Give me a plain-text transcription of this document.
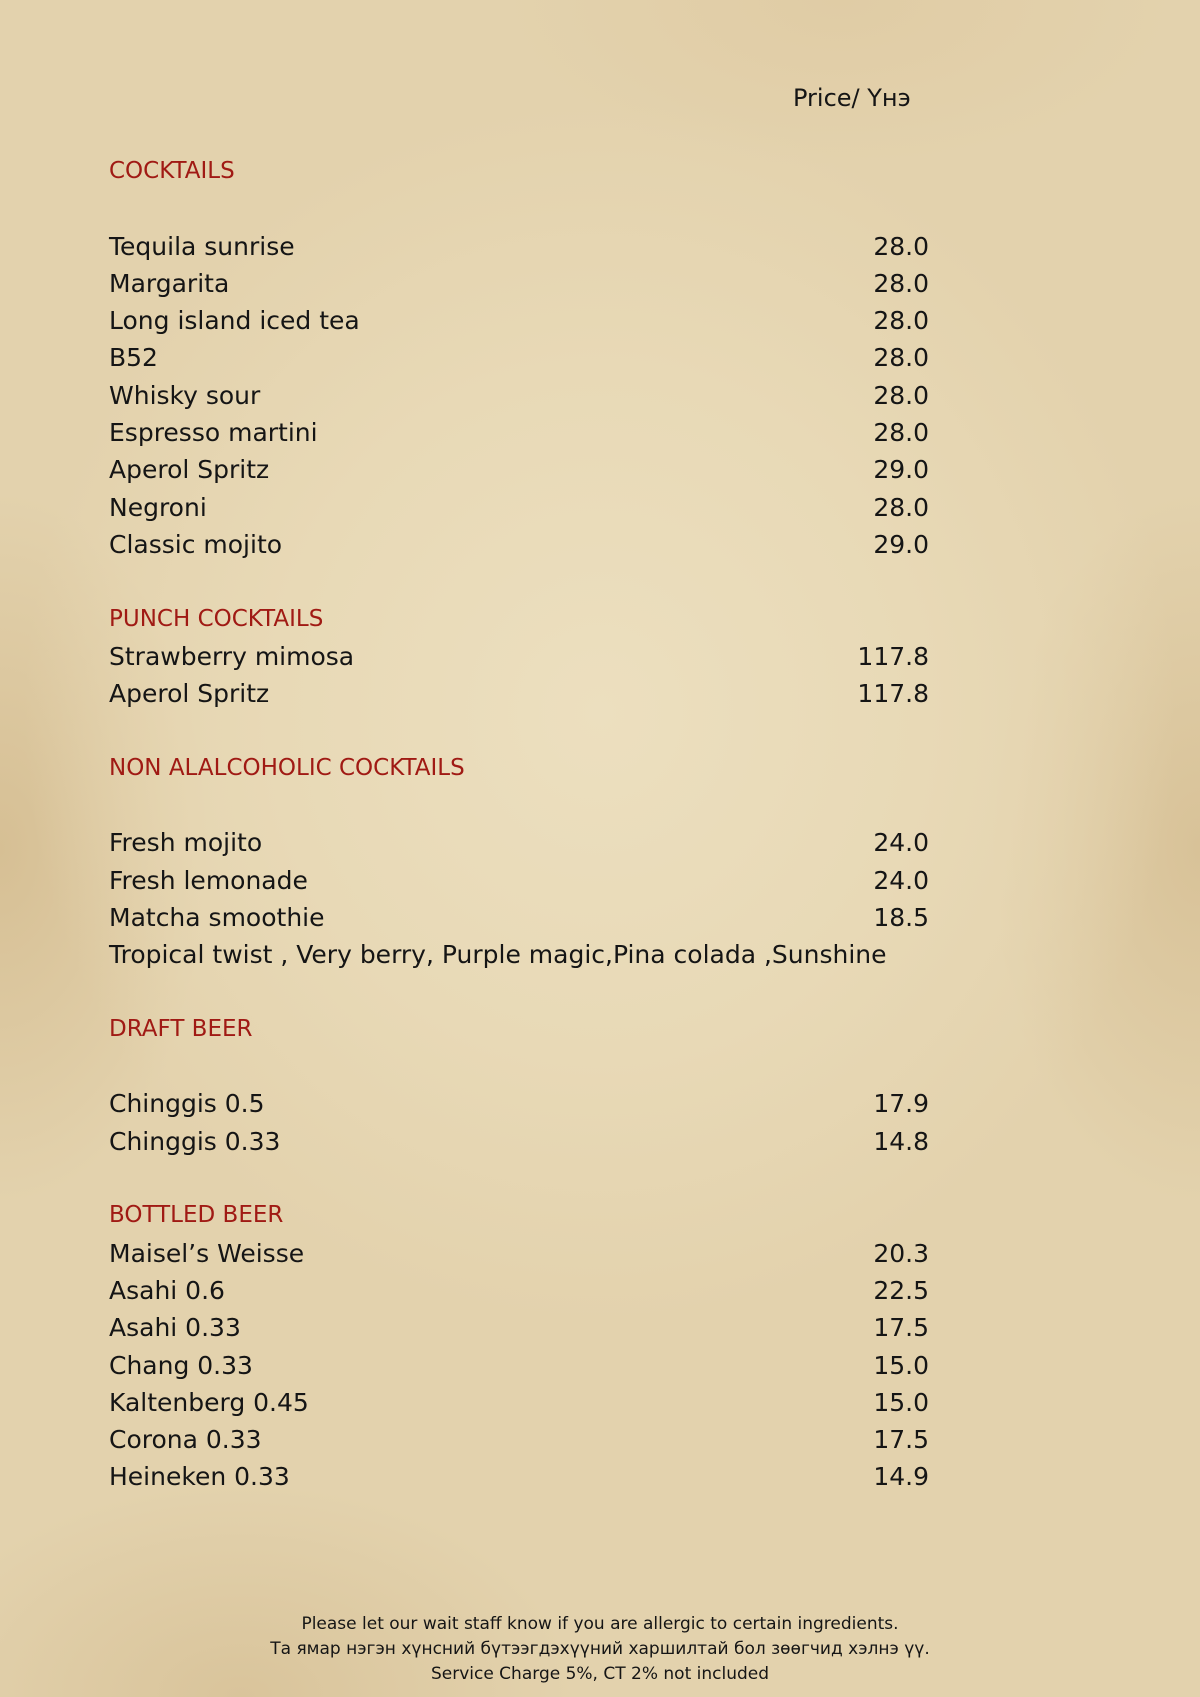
Price/ Үнэ
COCKTAILS
Tequila sunrise	28.0
Margarita	28.0
Long island iced tea	28.0
B52	28.0
Whisky sour	28.0
Espresso martini	28.0
Aperol Spritz	29.0
Negroni	28.0
Classic mojito	29.0
PUNCH COCKTAILS
Strawberry mimosa	117.8
Aperol Spritz	117.8
NON ALALCOHOLIC COCKTAILS
Fresh mojito	24.0
Fresh lemonade	24.0
Matcha smoothie	18.5
Tropical twist , Very berry, Purple magic,Pina colada ,Sunshine
DRAFT BEER
Chinggis 0.5	17.9
Chinggis 0.33	14.8
BOTTLED BEER
Maisel’s Weisse	20.3
Asahi 0.6	22.5
Asahi 0.33	17.5
Chang 0.33	15.0
Kaltenberg 0.45	15.0
Corona 0.33	17.5
Heineken 0.33	14.9
Please let our wait staff know if you are allergic to certain ingredients.
Та ямар нэгэн хүнсний бүтээгдэхүүний харшилтай бол зөөгчид хэлнэ үү.
Service Charge 5%, CT 2% not included
